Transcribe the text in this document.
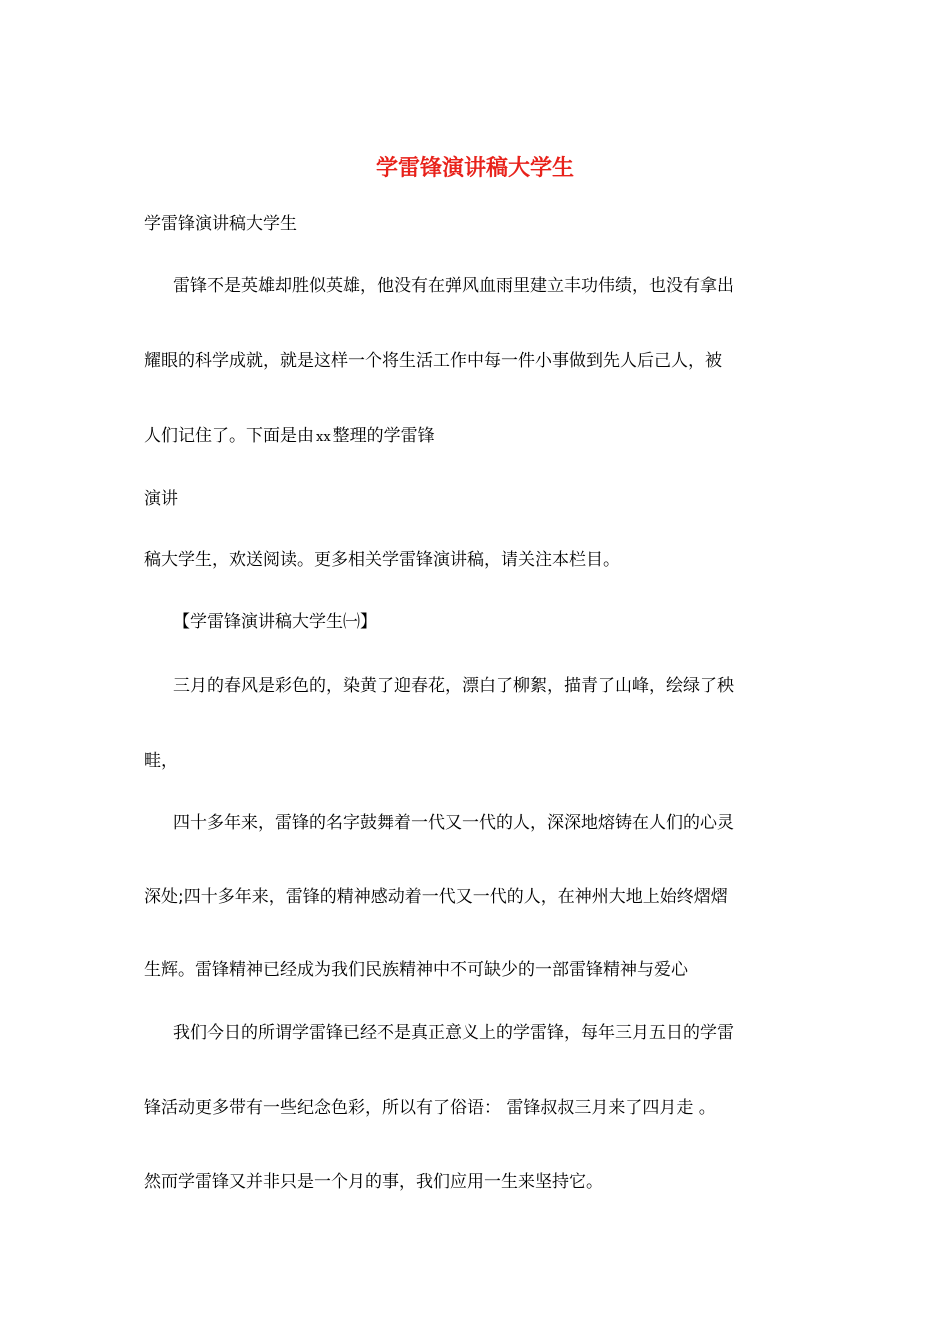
学雷锋演讲稿大学生
学雷锋演讲稿大学生
雷锋不是英雄却胜似英雄，他没有在弹风血雨里建立丰功伟绩，也没有拿出
耀眼的科学成就，就是这样一个将生活工作中每一件小事做到先人后己人，被
人们记住了。下面是由 xx 整理的学雷锋
演讲
稿大学生，欢送阅读。更多相关学雷锋演讲稿，请关注本栏目。
【学雷锋演讲稿大学生㈠】
三月的春风是彩色的，染黄了迎春花，漂白了柳絮，描青了山峰，绘绿了秧
畦，
四十多年来，雷锋的名字鼓舞着一代又一代的人，深深地熔铸在人们的心灵
深处;四十多年来，雷锋的精神感动着一代又一代的人，在神州大地上始终熠熠
生辉。雷锋精神已经成为我们民族精神中不可缺少的一部雷锋精神与爱心
我们今日的所谓学雷锋已经不是真正意义上的学雷锋，每年三月五日的学雷
锋活动更多带有一些纪念色彩，所以有了俗语： 雷锋叔叔三月来了四月走 。
然而学雷锋又并非只是一个月的事，我们应用一生来坚持它。
